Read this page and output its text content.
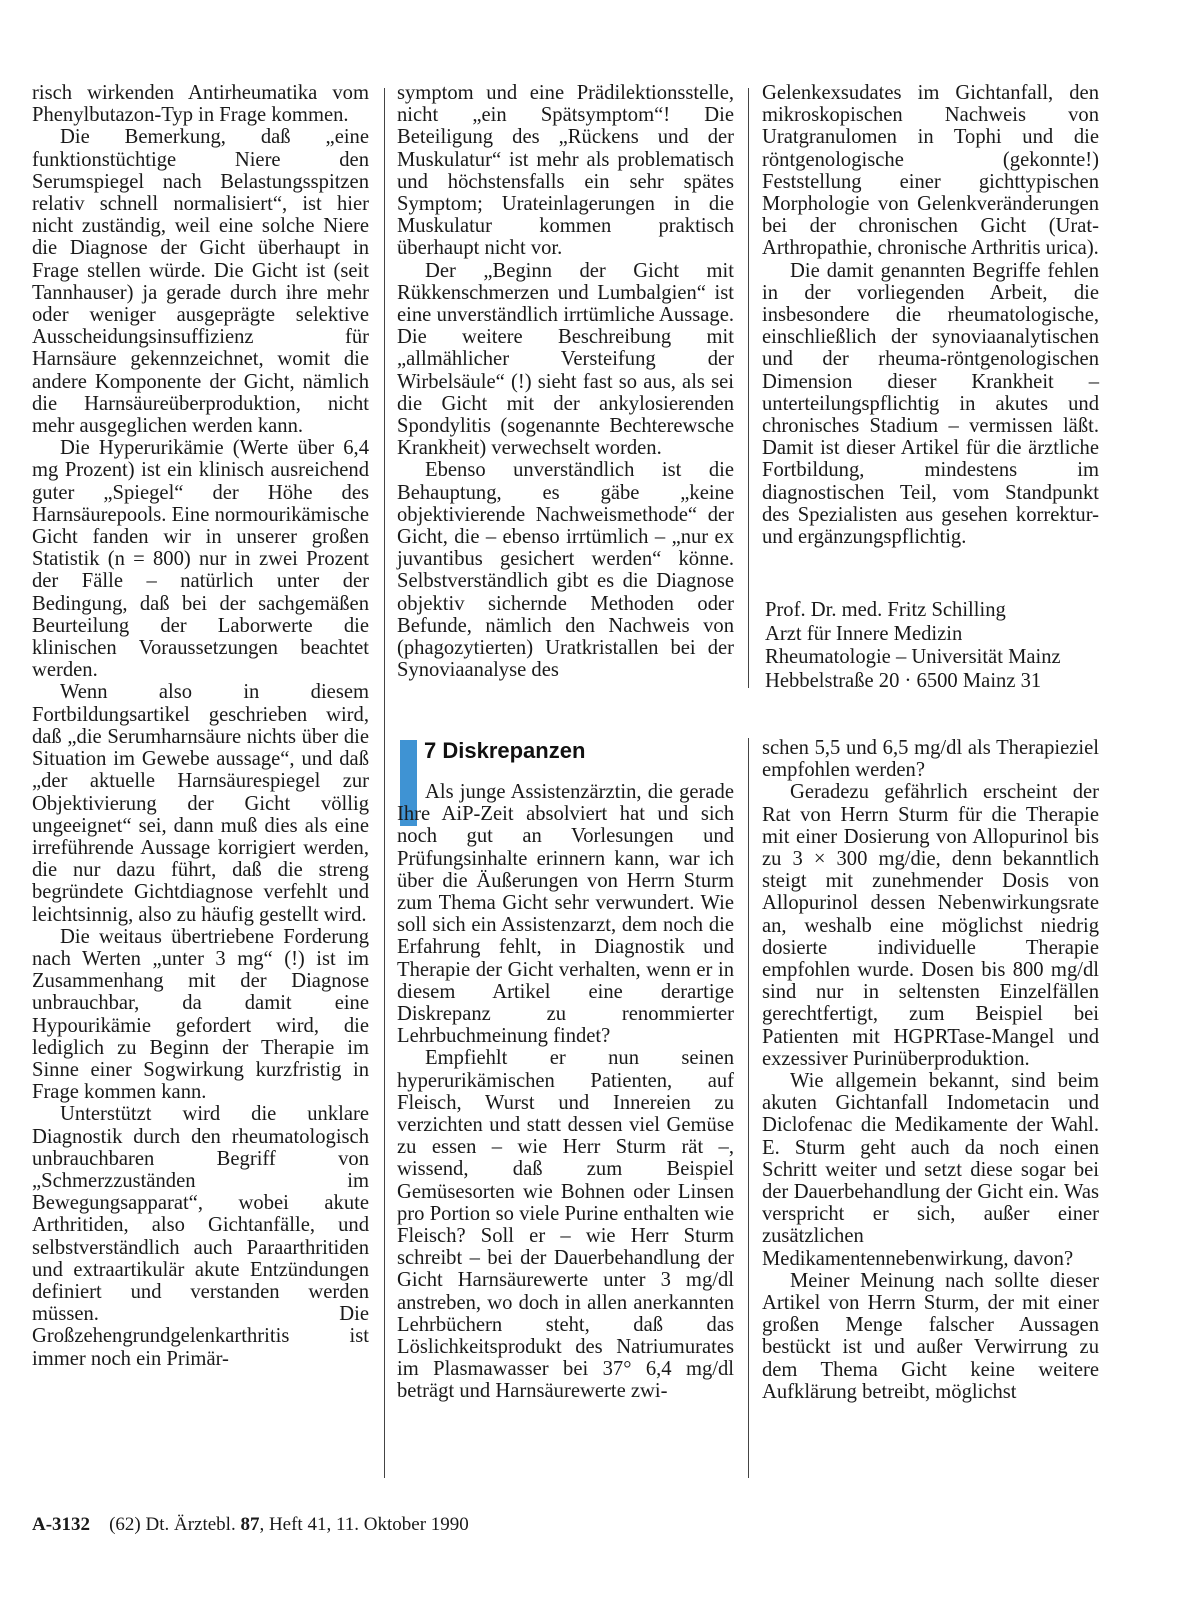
risch wirkenden Antirheumatika vom Phenylbutazon-Typ in Frage kommen.

Die Bemerkung, daß „eine funktionstüchtige Niere den Serumspiegel nach Belastungsspitzen relativ schnell normalisiert“, ist hier nicht zuständig, weil eine solche Niere die Diagnose der Gicht überhaupt in Frage stellen würde. Die Gicht ist (seit Tannhauser) ja gerade durch ihre mehr oder weniger ausgeprägte selektive Ausscheidungsinsuffizienz für Harnsäure gekennzeichnet, womit die andere Komponente der Gicht, nämlich die Harnsäureüberproduktion, nicht mehr ausgeglichen werden kann.

Die Hyperurikämie (Werte über 6,4 mg Prozent) ist ein klinisch ausreichend guter „Spiegel“ der Höhe des Harnsäurepools. Eine normourikämische Gicht fanden wir in unserer großen Statistik (n = 800) nur in zwei Prozent der Fälle – natürlich unter der Bedingung, daß bei der sachgemäßen Beurteilung der Laborwerte die klinischen Voraussetzungen beachtet werden.

Wenn also in diesem Fortbildungsartikel geschrieben wird, daß „die Serumharnsäure nichts über die Situation im Gewebe aussage“, und daß „der aktuelle Harnsäurespiegel zur Objektivierung der Gicht völlig ungeeignet“ sei, dann muß dies als eine irreführende Aussage korrigiert werden, die nur dazu führt, daß die streng begründete Gichtdiagnose verfehlt und leichtsinnig, also zu häufig gestellt wird.

Die weitaus übertriebene Forderung nach Werten „unter 3 mg“ (!) ist im Zusammenhang mit der Diagnose unbrauchbar, da damit eine Hypourikämie gefordert wird, die lediglich zu Beginn der Therapie im Sinne einer Sogwirkung kurzfristig in Frage kommen kann.

Unterstützt wird die unklare Diagnostik durch den rheumatologisch unbrauchbaren Begriff von „Schmerzzuständen im Bewegungsapparat“, wobei akute Arthritiden, also Gichtanfälle, und selbstverständlich auch Paraarthritiden und extraartikulär akute Entzündungen definiert und verstanden werden müssen. Die Großzehengrundgelenkarthritis ist immer noch ein Primär-

symptom und eine Prädilektionsstelle, nicht „ein Spätsymptom“! Die Beteiligung des „Rückens und der Muskulatur“ ist mehr als problematisch und höchstensfalls ein sehr spätes Symptom; Urateinlagerungen in die Muskulatur kommen praktisch überhaupt nicht vor.

Der „Beginn der Gicht mit Rükkenschmerzen und Lumbalgien“ ist eine unverständlich irrtümliche Aussage. Die weitere Beschreibung mit „allmählicher Versteifung der Wirbelsäule“ (!) sieht fast so aus, als sei die Gicht mit der ankylosierenden Spondylitis (sogenannte Bechterewsche Krankheit) verwechselt worden.

Ebenso unverständlich ist die Behauptung, es gäbe „keine objektivierende Nachweismethode“ der Gicht, die – ebenso irrtümlich – „nur ex juvantibus gesichert werden“ könne. Selbstverständlich gibt es die Diagnose objektiv sichernde Methoden oder Befunde, nämlich den Nachweis von (phagozytierten) Uratkristallen bei der Synoviaanalyse des

Gelenkexsudates im Gichtanfall, den mikroskopischen Nachweis von Uratgranulomen in Tophi und die röntgenologische (gekonnte!) Feststellung einer gichttypischen Morphologie von Gelenkveränderungen bei der chronischen Gicht (Urat-Arthropathie, chronische Arthritis urica).

Die damit genannten Begriffe fehlen in der vorliegenden Arbeit, die insbesondere die rheumatologische, einschließlich der synoviaanalytischen und der rheuma-röntgenologischen Dimension dieser Krankheit – unterteilungspflichtig in akutes und chronisches Stadium – vermissen läßt. Damit ist dieser Artikel für die ärztliche Fortbildung, mindestens im diagnostischen Teil, vom Standpunkt des Spezialisten aus gesehen korrektur- und ergänzungspflichtig.

Prof. Dr. med. Fritz Schilling
Arzt für Innere Medizin
Rheumatologie – Universität Mainz
Hebbelstraße 20 · 6500 Mainz 31
7 Diskrepanzen

Als junge Assistenzärztin, die gerade Ihre AiP-Zeit absolviert hat und sich noch gut an Vorlesungen und Prüfungsinhalte erinnern kann, war ich über die Äußerungen von Herrn Sturm zum Thema Gicht sehr verwundert. Wie soll sich ein Assistenzarzt, dem noch die Erfahrung fehlt, in Diagnostik und Therapie der Gicht verhalten, wenn er in diesem Artikel eine derartige Diskrepanz zu renommierter Lehrbuchmeinung findet?

Empfiehlt er nun seinen hyperurikämischen Patienten, auf Fleisch, Wurst und Innereien zu verzichten und statt dessen viel Gemüse zu essen – wie Herr Sturm rät –, wissend, daß zum Beispiel Gemüsesorten wie Bohnen oder Linsen pro Portion so viele Purine enthalten wie Fleisch? Soll er – wie Herr Sturm schreibt – bei der Dauerbehandlung der Gicht Harnsäurewerte unter 3 mg/dl anstreben, wo doch in allen anerkannten Lehrbüchern steht, daß das Löslichkeitsprodukt des Natriumurates im Plasmawasser bei 37° 6,4 mg/dl beträgt und Harnsäurewerte zwi-

schen 5,5 und 6,5 mg/dl als Therapieziel empfohlen werden?

Geradezu gefährlich erscheint der Rat von Herrn Sturm für die Therapie mit einer Dosierung von Allopurinol bis zu 3 × 300 mg/die, denn bekanntlich steigt mit zunehmender Dosis von Allopurinol dessen Nebenwirkungsrate an, weshalb eine möglichst niedrig dosierte individuelle Therapie empfohlen wurde. Dosen bis 800 mg/dl sind nur in seltensten Einzelfällen gerechtfertigt, zum Beispiel bei Patienten mit HGPRTase-Mangel und exzessiver Purinüberproduktion.

Wie allgemein bekannt, sind beim akuten Gichtanfall Indometacin und Diclofenac die Medikamente der Wahl. E. Sturm geht auch da noch einen Schritt weiter und setzt diese sogar bei der Dauerbehandlung der Gicht ein. Was verspricht er sich, außer einer zusätzlichen Medikamentennebenwirkung, davon?

Meiner Meinung nach sollte dieser Artikel von Herrn Sturm, der mit einer großen Menge falscher Aussagen bestückt ist und außer Verwirrung zu dem Thema Gicht keine weitere Aufklärung betreibt, möglichst

A-3132 (62) Dt. Ärztebl. 87, Heft 41, 11. Oktober 1990
